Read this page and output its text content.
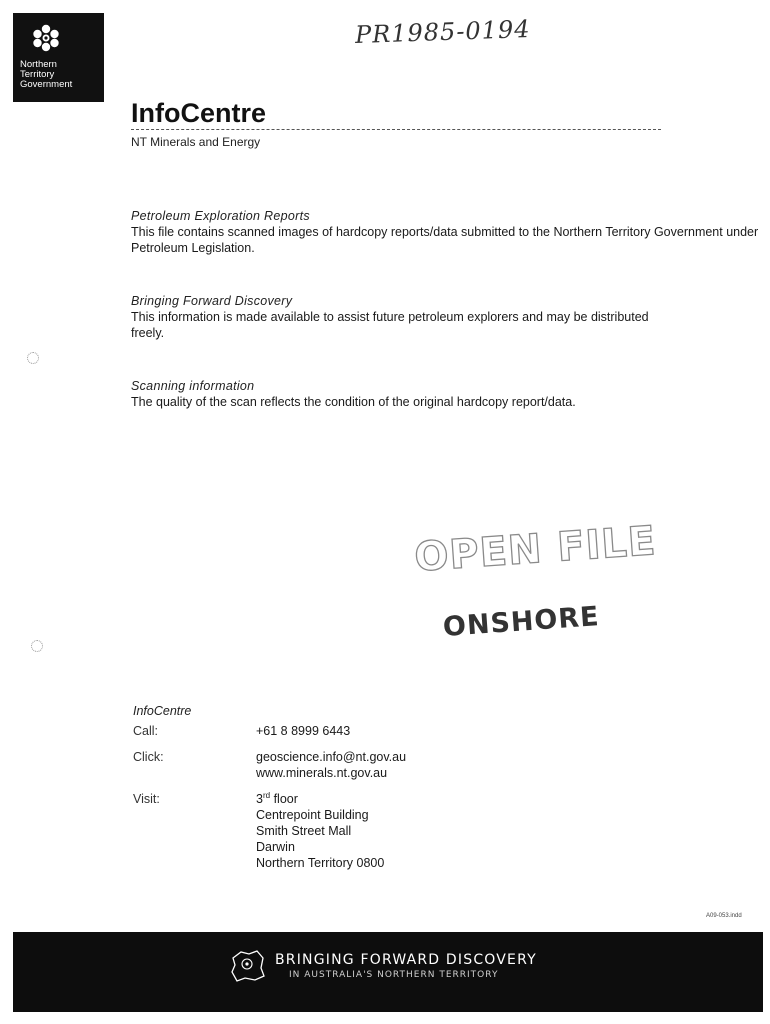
Northern
Territory
Government
PR1985-0194
InfoCentre
NT Minerals and Energy
Petroleum Exploration Reports

This file contains scanned images of hardcopy reports/data submitted to the Northern Territory Government under Petroleum Legislation.

Bringing Forward Discovery

This information is made available to assist future petroleum explorers and may be distributed freely.

Scanning information

The quality of the scan reflects the condition of the original hardcopy report/data.

OPEN FILE
ONSHORE
InfoCentre
Call:	+61 8 8999 6443
Click:	geoscience.info@nt.gov.au
www.minerals.nt.gov.au
Visit:	3rd floor
Centrepoint Building
Smith Street Mall
Darwin
Northern Territory 0800
A09-053.indd
BRINGING FORWARD DISCOVERY
IN AUSTRALIA'S NORTHERN TERRITORY
